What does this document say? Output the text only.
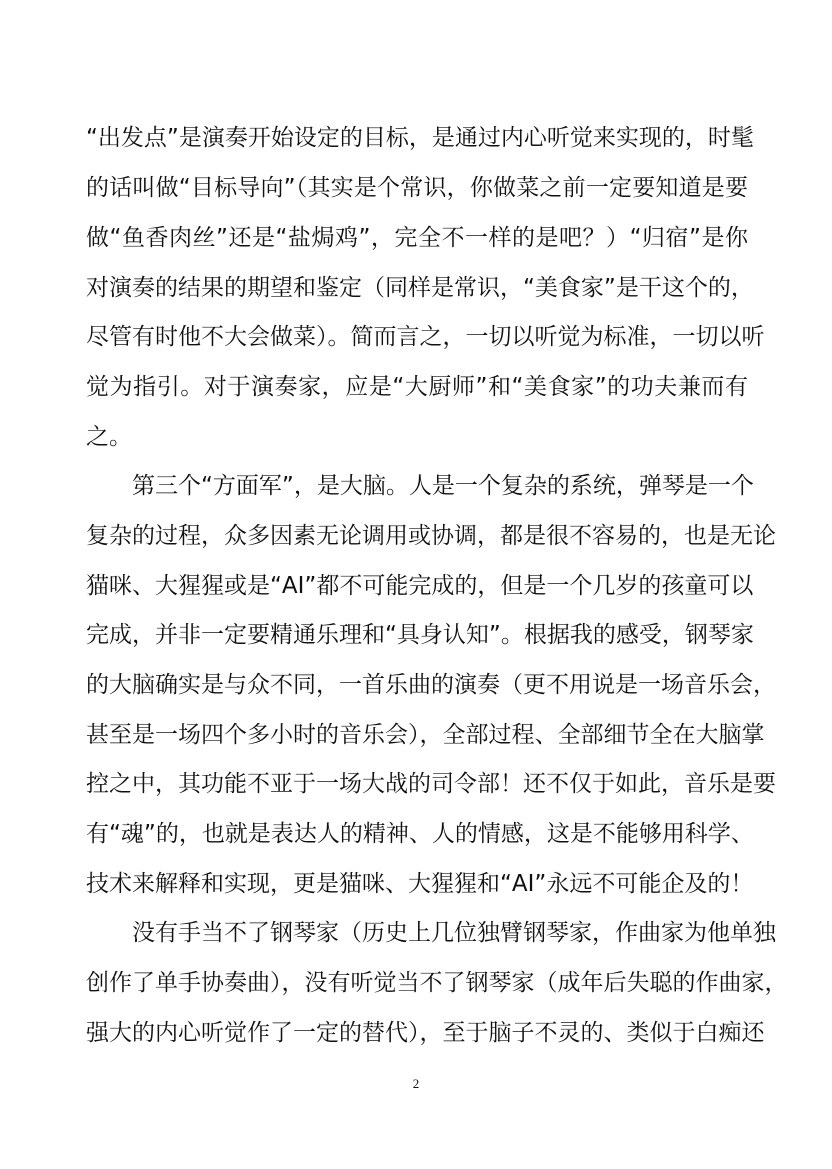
“出发点”是演奏开始设定的目标，是通过内心听觉来实现的，时髦
的话叫做“目标导向”（其实是个常识，你做菜之前一定要知道是要
做“鱼香肉丝”还是“盐焗鸡”，完全不一样的是吧？）“归宿”是你
对演奏的结果的期望和鉴定（同样是常识，“美食家”是干这个的，
尽管有时他不大会做菜）。简而言之，一切以听觉为标准，一切以听
觉为指引。对于演奏家，应是“大厨师”和“美食家”的功夫兼而有
之。
第三个“方面军”，是大脑。人是一个复杂的系统，弹琴是一个
复杂的过程，众多因素无论调用或协调，都是很不容易的，也是无论
猫咪、大猩猩或是“AI”都不可能完成的，但是一个几岁的孩童可以
完成，并非一定要精通乐理和“具身认知”。根据我的感受，钢琴家
的大脑确实是与众不同，一首乐曲的演奏（更不用说是一场音乐会，
甚至是一场四个多小时的音乐会），全部过程、全部细节全在大脑掌
控之中，其功能不亚于一场大战的司令部！还不仅于如此，音乐是要
有“魂”的，也就是表达人的精神、人的情感，这是不能够用科学、
技术来解释和实现，更是猫咪、大猩猩和“AI”永远不可能企及的！
没有手当不了钢琴家（历史上几位独臂钢琴家，作曲家为他单独
创作了单手协奏曲），没有听觉当不了钢琴家（成年后失聪的作曲家，
强大的内心听觉作了一定的替代），至于脑子不灵的、类似于白痴还
2
